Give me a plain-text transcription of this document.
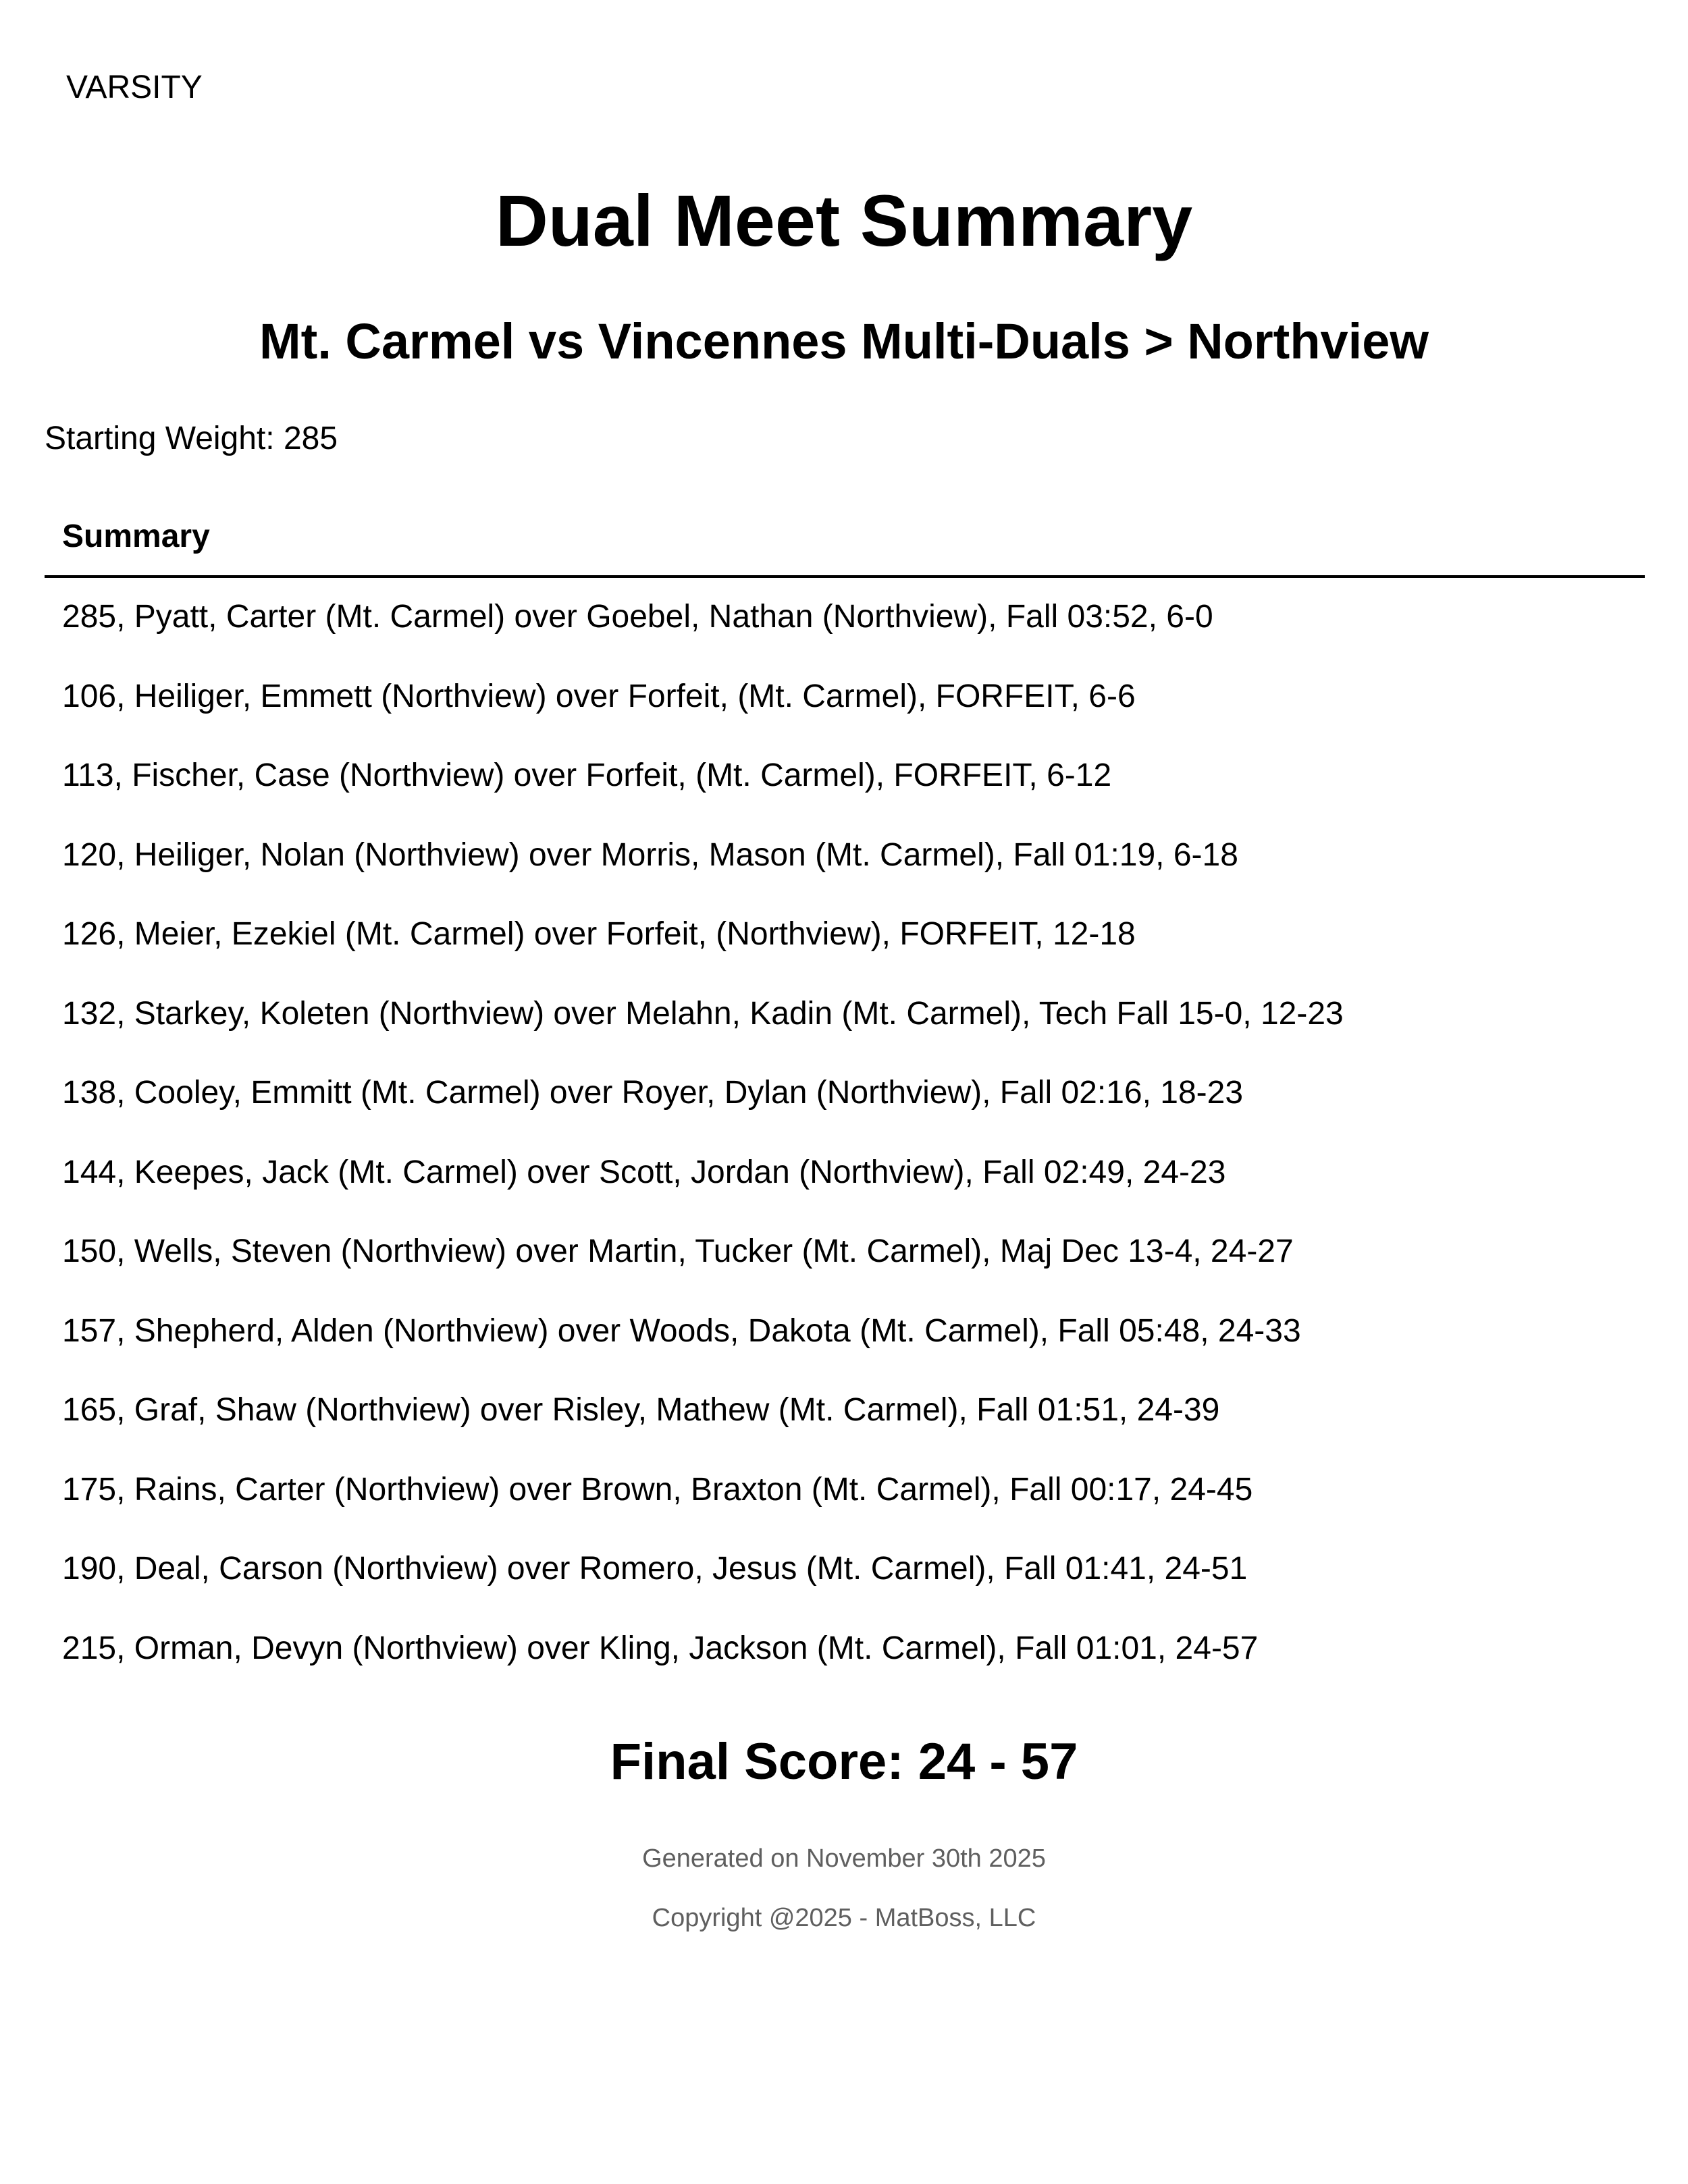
VARSITY
Dual Meet Summary
Mt. Carmel vs Vincennes Multi-Duals > Northview
Starting Weight: 285
Summary
285, Pyatt, Carter (Mt. Carmel) over Goebel, Nathan (Northview), Fall 03:52, 6-0
106, Heiliger, Emmett (Northview) over Forfeit, (Mt. Carmel), FORFEIT, 6-6
113, Fischer, Case (Northview) over Forfeit, (Mt. Carmel), FORFEIT, 6-12
120, Heiliger, Nolan (Northview) over Morris, Mason (Mt. Carmel), Fall 01:19, 6-18
126, Meier, Ezekiel (Mt. Carmel) over Forfeit, (Northview), FORFEIT, 12-18
132, Starkey, Koleten (Northview) over Melahn, Kadin (Mt. Carmel), Tech Fall 15-0, 12-23
138, Cooley, Emmitt (Mt. Carmel) over Royer, Dylan (Northview), Fall 02:16, 18-23
144, Keepes, Jack (Mt. Carmel) over Scott, Jordan (Northview), Fall 02:49, 24-23
150, Wells, Steven (Northview) over Martin, Tucker (Mt. Carmel), Maj Dec 13-4, 24-27
157, Shepherd, Alden (Northview) over Woods, Dakota (Mt. Carmel), Fall 05:48, 24-33
165, Graf, Shaw (Northview) over Risley, Mathew (Mt. Carmel), Fall 01:51, 24-39
175, Rains, Carter (Northview) over Brown, Braxton (Mt. Carmel), Fall 00:17, 24-45
190, Deal, Carson (Northview) over Romero, Jesus (Mt. Carmel), Fall 01:41, 24-51
215, Orman, Devyn (Northview) over Kling, Jackson (Mt. Carmel), Fall 01:01, 24-57
Final Score: 24 - 57
Generated on November 30th 2025
Copyright @2025 - MatBoss, LLC
